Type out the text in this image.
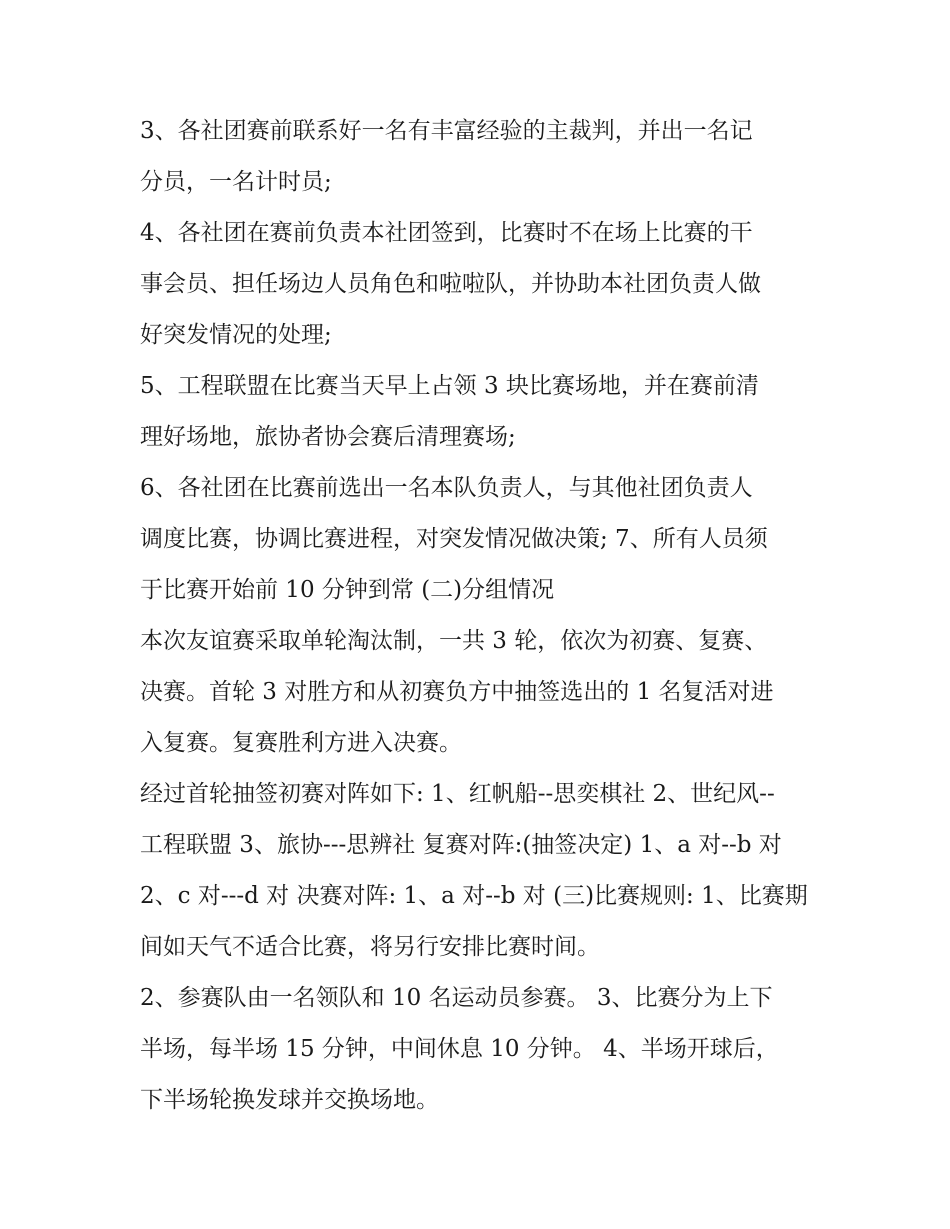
3、各社团赛前联系好一名有丰富经验的主裁判，并出一名记
分员，一名计时员;
4、各社团在赛前负责本社团签到，比赛时不在场上比赛的干
事会员、担任场边人员角色和啦啦队，并协助本社团负责人做
好突发情况的处理;
5、工程联盟在比赛当天早上占领 3 块比赛场地，并在赛前清
理好场地，旅协者协会赛后清理赛场;
6、各社团在比赛前选出一名本队负责人，与其他社团负责人
调度比赛，协调比赛进程，对突发情况做决策; 7、所有人员须
于比赛开始前 10 分钟到常 (二)分组情况
本次友谊赛采取单轮淘汰制，一共 3 轮，依次为初赛、复赛、
决赛。首轮 3 对胜方和从初赛负方中抽签选出的 1 名复活对进
入复赛。复赛胜利方进入决赛。
经过首轮抽签初赛对阵如下: 1、红帆船--思奕棋社 2、世纪风--
工程联盟 3、旅协---思辨社 复赛对阵:(抽签决定) 1、a 对--b 对
2、c 对---d 对 决赛对阵: 1、a 对--b 对 (三)比赛规则: 1、比赛期
间如天气不适合比赛，将另行安排比赛时间。
2、参赛队由一名领队和 10 名运动员参赛。 3、比赛分为上下
半场，每半场 15 分钟，中间休息 10 分钟。 4、半场开球后，
下半场轮换发球并交换场地。
